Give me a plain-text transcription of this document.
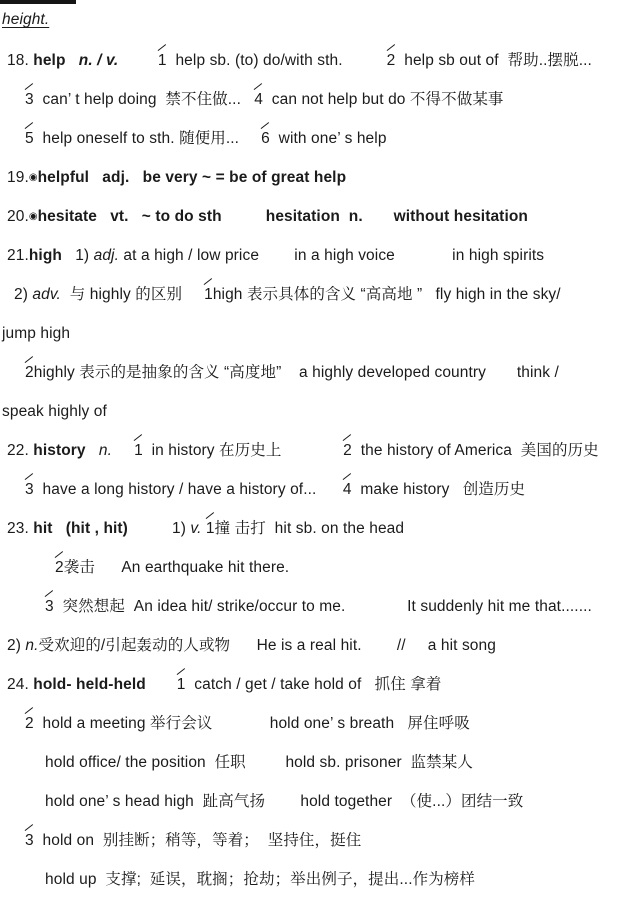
height.
18. help n. / v.	1  help sb. (to) do/with sth.          2  help sb out of  帮助..摆脱...
3  can’ t help doing  禁不住做...   4  can not help but do 不得不做某事
5  help oneself to sth. 随便用...     6  with one’ s help
19.◉helpful   adj.   be very ~ = be of great help
20.◉hesitate   vt.   ~ to do sth          hesitation  n.       without hesitation
21.high   1) adj. at a high / low price        in a high voice             in high spirits
2) adv.  与 highly 的区别     1high 表示具体的含义 “高高地 ”   fly high in the sky/
jump high
2highly 表示的是抽象的含义 “高度地”    a highly developed country       think /
speak highly of
22. history n. 1  in history 在历史上              2  the history of America  美国的历史
3  have a long history / have a history of...      4  make history   创造历史
23. hit   (hit , hit)          1) v. 1撞 击打  hit sb. on the head
2袭击      An earthquake hit there.
3  突然想起  An idea hit/ strike/occur to me.              It suddenly hit me that.......
2) n.受欢迎的/引起轰动的人或物      He is a real hit.        //     a hit song
24. hold- held-held 1  catch / get / take hold of   抓住 拿着
2  hold a meeting 举行会议             hold one’ s breath   屏住呼吸
hold office/ the position  任职         hold sb. prisoner  监禁某人
hold one’ s head high  趾高气扬        hold together  （使...）团结一致
3  hold on  别挂断；稍等，等着；  坚持住，挺住
hold up  支撑;  延误，耽搁；抢劫；举出例子，提出...作为榜样
